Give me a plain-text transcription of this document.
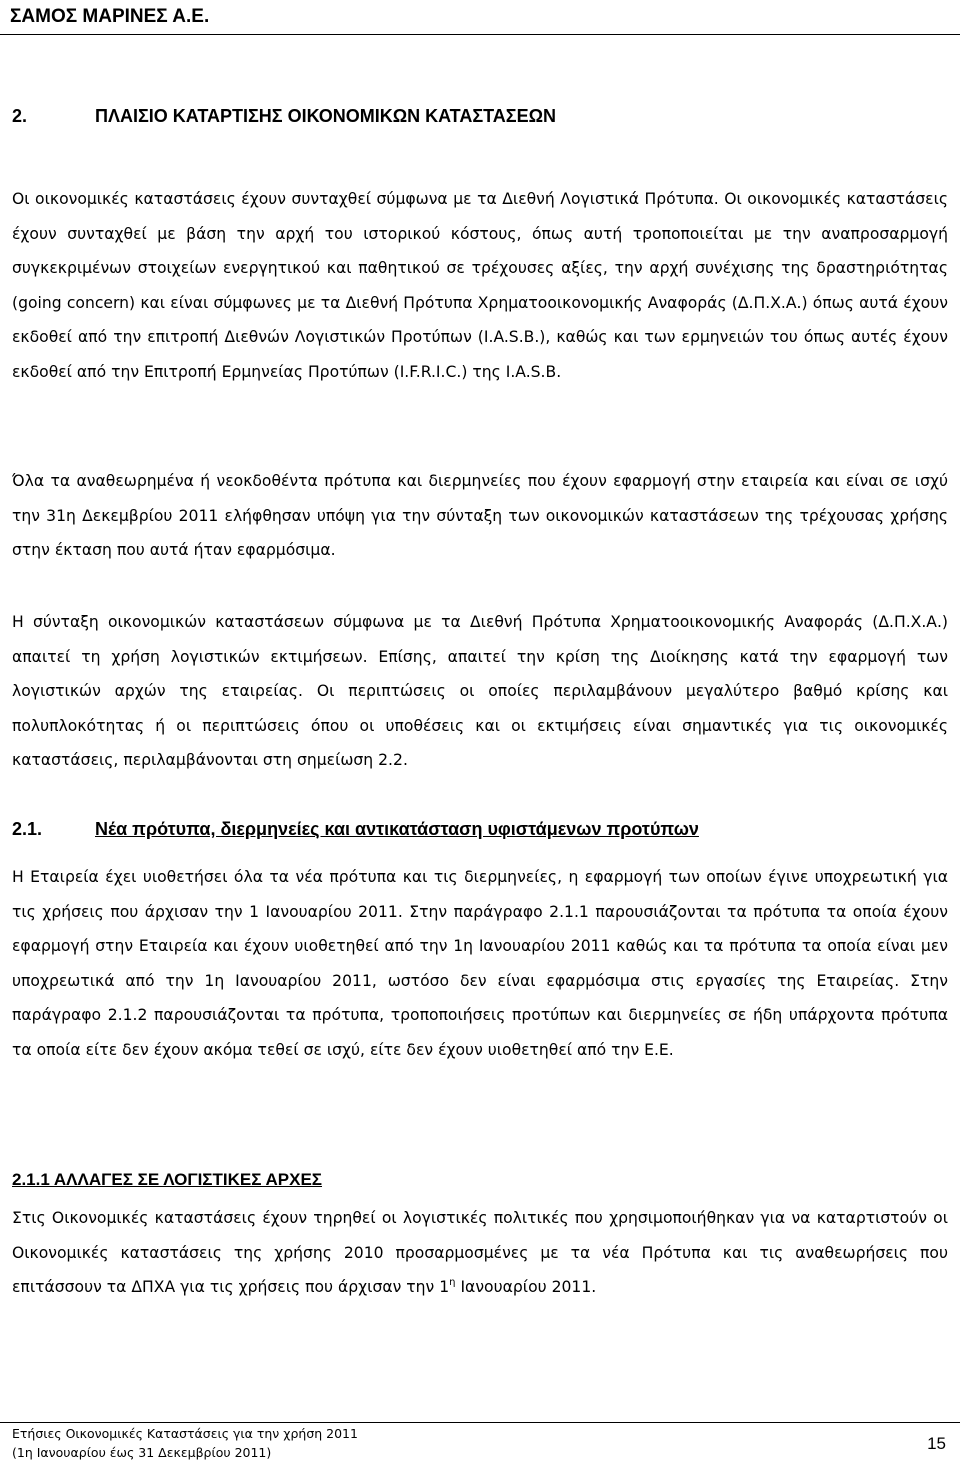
ΣΑΜΟΣ ΜΑΡΙΝΕΣ Α.Ε.

2.	ΠΛΑΙΣΙΟ ΚΑΤΑΡΤΙΣΗΣ ΟΙΚΟΝΟΜΙΚΩΝ ΚΑΤΑΣΤΑΣΕΩΝ

Οι οικονομικές καταστάσεις έχουν συνταχθεί σύμφωνα με τα Διεθνή Λογιστικά Πρότυπα. Οι οικονομικές καταστάσεις έχουν συνταχθεί με βάση την αρχή του ιστορικού κόστους, όπως αυτή τροποποιείται με την αναπροσαρμογή συγκεκριμένων στοιχείων ενεργητικού και παθητικού σε τρέχουσες αξίες, την αρχή συνέχισης της δραστηριότητας (going concern) και είναι σύμφωνες με τα Διεθνή Πρότυπα Χρηματοοικονομικής Αναφοράς (Δ.Π.Χ.Α.) όπως αυτά έχουν εκδοθεί από την επιτροπή Διεθνών Λογιστικών Προτύπων (I.A.S.B.), καθώς και των ερμηνειών του όπως αυτές έχουν εκδοθεί από την Επιτροπή Ερμηνείας Προτύπων (I.F.R.I.C.) της I.A.S.B.

Όλα τα αναθεωρημένα ή νεοκδοθέντα πρότυπα και διερμηνείες που έχουν εφαρμογή στην εταιρεία και είναι σε ισχύ την 31η Δεκεμβρίου 2011 ελήφθησαν υπόψη για την σύνταξη των οικονομικών καταστάσεων της τρέχουσας χρήσης στην έκταση που αυτά ήταν εφαρμόσιμα.

Η σύνταξη οικονομικών καταστάσεων σύμφωνα με τα Διεθνή Πρότυπα Χρηματοοικονομικής Αναφοράς (Δ.Π.Χ.Α.) απαιτεί τη χρήση λογιστικών εκτιμήσεων. Επίσης, απαιτεί την κρίση της Διοίκησης κατά την εφαρμογή των λογιστικών αρχών της εταιρείας. Οι περιπτώσεις οι οποίες περιλαμβάνουν μεγαλύτερο βαθμό κρίσης και πολυπλοκότητας ή οι περιπτώσεις όπου οι υποθέσεις και οι εκτιμήσεις είναι σημαντικές για τις οικονομικές καταστάσεις, περιλαμβάνονται στη σημείωση 2.2.

2.1.	Νέα πρότυπα, διερμηνείες και αντικατάσταση υφιστάμενων προτύπων

Η Εταιρεία έχει υιοθετήσει όλα τα νέα πρότυπα και τις διερμηνείες, η εφαρμογή των οποίων έγινε υποχρεωτική για τις χρήσεις που άρχισαν την 1 Ιανουαρίου 2011. Στην παράγραφο 2.1.1 παρουσιάζονται τα πρότυπα τα οποία έχουν εφαρμογή στην Εταιρεία και έχουν υιοθετηθεί από την 1η Ιανουαρίου 2011 καθώς και τα πρότυπα τα οποία είναι μεν υποχρεωτικά από την 1η Ιανουαρίου 2011, ωστόσο δεν είναι εφαρμόσιμα στις εργασίες της Εταιρείας. Στην παράγραφο 2.1.2 παρουσιάζονται τα πρότυπα, τροποποιήσεις προτύπων και διερμηνείες σε ήδη υπάρχοντα πρότυπα τα οποία είτε δεν έχουν ακόμα τεθεί σε ισχύ, είτε δεν έχουν υιοθετηθεί από την Ε.Ε.

2.1.1 ΑΛΛΑΓΕΣ ΣΕ ΛΟΓΙΣΤΙΚΕΣ ΑΡΧΕΣ

Στις Οικονομικές καταστάσεις έχουν τηρηθεί οι λογιστικές πολιτικές που χρησιμοποιήθηκαν για να καταρτιστούν οι Οικονομικές καταστάσεις της χρήσης 2010 προσαρμοσμένες με τα νέα Πρότυπα και τις αναθεωρήσεις που επιτάσσουν τα ΔΠΧΑ για τις χρήσεις που άρχισαν την $1^\eta$ Ιανουαρίου 2011.

Ετήσιες Οικονομικές Καταστάσεις για την χρήση 2011

(1η Ιανουαρίου έως 31 Δεκεμβρίου 2011)	15
